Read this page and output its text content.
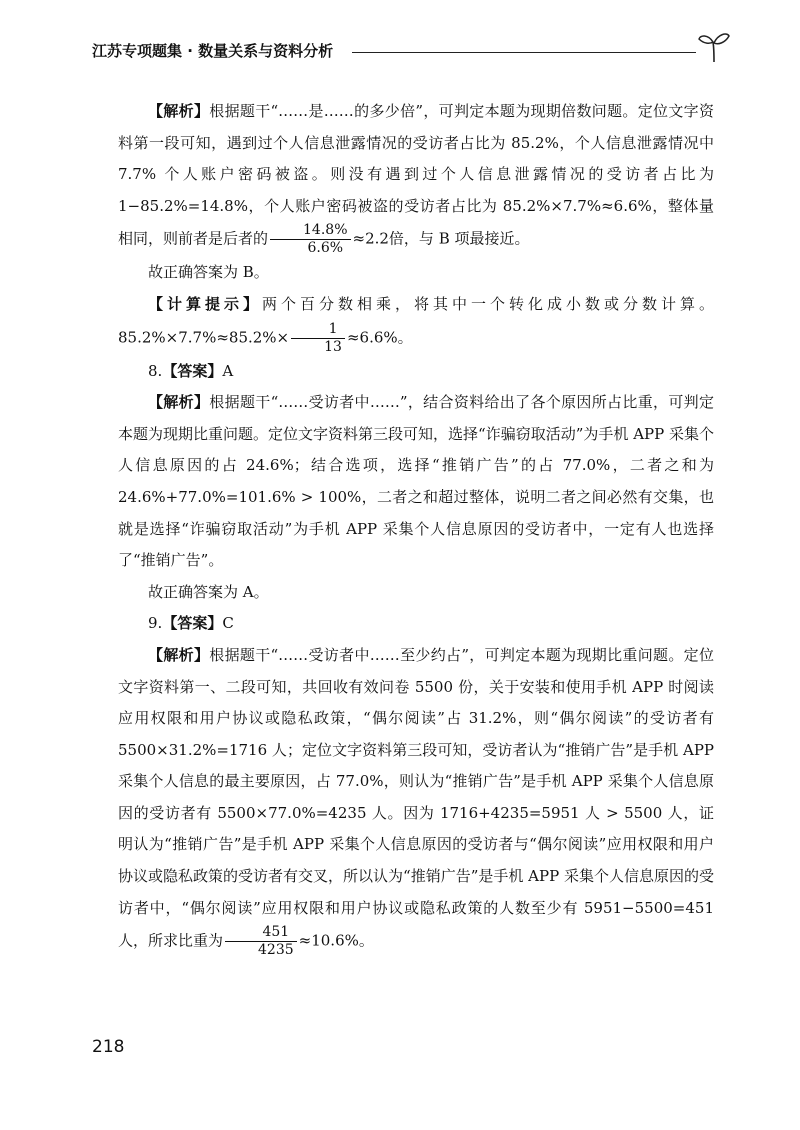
江苏专项题集 · 数量关系与资料分析

【解析】根据题干“……是……的多少倍”，可判定本题为现期倍数问题。定位文字资料第一段可知，遇到过个人信息泄露情况的受访者占比为 85.2%，个人信息泄露情况中 7.7% 个人账户密码被盗。则没有遇到过个人信息泄露情况的受访者占比为 1−85.2%=14.8%，个人账户密码被盗的受访者占比为 85.2%×7.7%≈6.6%，整体量相同，则前者是后者的 $\frac{14.8\%}{6.6\%} \approx 2.2$倍，与 B 项最接近。

故正确答案为 B。

【计算提示】两个百分数相乘，将其中一个转化成小数或分数计算。$85.2\%\times 7.7\%\approx 85.2\%\times \frac{1}{13} \approx 6.6\%$。

8.【答案】A

【解析】根据题干“……受访者中……”，结合资料给出了各个原因所占比重，可判定本题为现期比重问题。定位文字资料第三段可知，选择“诈骗窃取活动”为手机 APP 采集个人信息原因的占 24.6%；结合选项，选择“推销广告”的占 77.0%，二者之和为 24.6%+77.0%=101.6% > 100%，二者之和超过整体，说明二者之间必然有交集，也就是选择“诈骗窃取活动”为手机 APP 采集个人信息原因的受访者中，一定有人也选择了“推销广告”。

故正确答案为 A。

9.【答案】C

【解析】根据题干“……受访者中……至少约占”，可判定本题为现期比重问题。定位文字资料第一、二段可知，共回收有效问卷 5500 份，关于安装和使用手机 APP 时阅读应用权限和用户协议或隐私政策，“偶尔阅读”占 31.2%，则“偶尔阅读”的受访者有 5500×31.2%=1716 人；定位文字资料第三段可知，受访者认为“推销广告”是手机 APP 采集个人信息的最主要原因，占 77.0%，则认为“推销广告”是手机 APP 采集个人信息原因的受访者有 5500×77.0%=4235 人。因为 1716+4235=5951 人 > 5500 人，证明认为“推销广告”是手机 APP 采集个人信息原因的受访者与“偶尔阅读”应用权限和用户协议或隐私政策的受访者有交叉，所以认为“推销广告”是手机 APP 采集个人信息原因的受访者中，“偶尔阅读”应用权限和用户协议或隐私政策的人数至少有 5951−5500=451 人，所求比重为 $\frac{451}{4235} \approx 10.6\%$。

218
